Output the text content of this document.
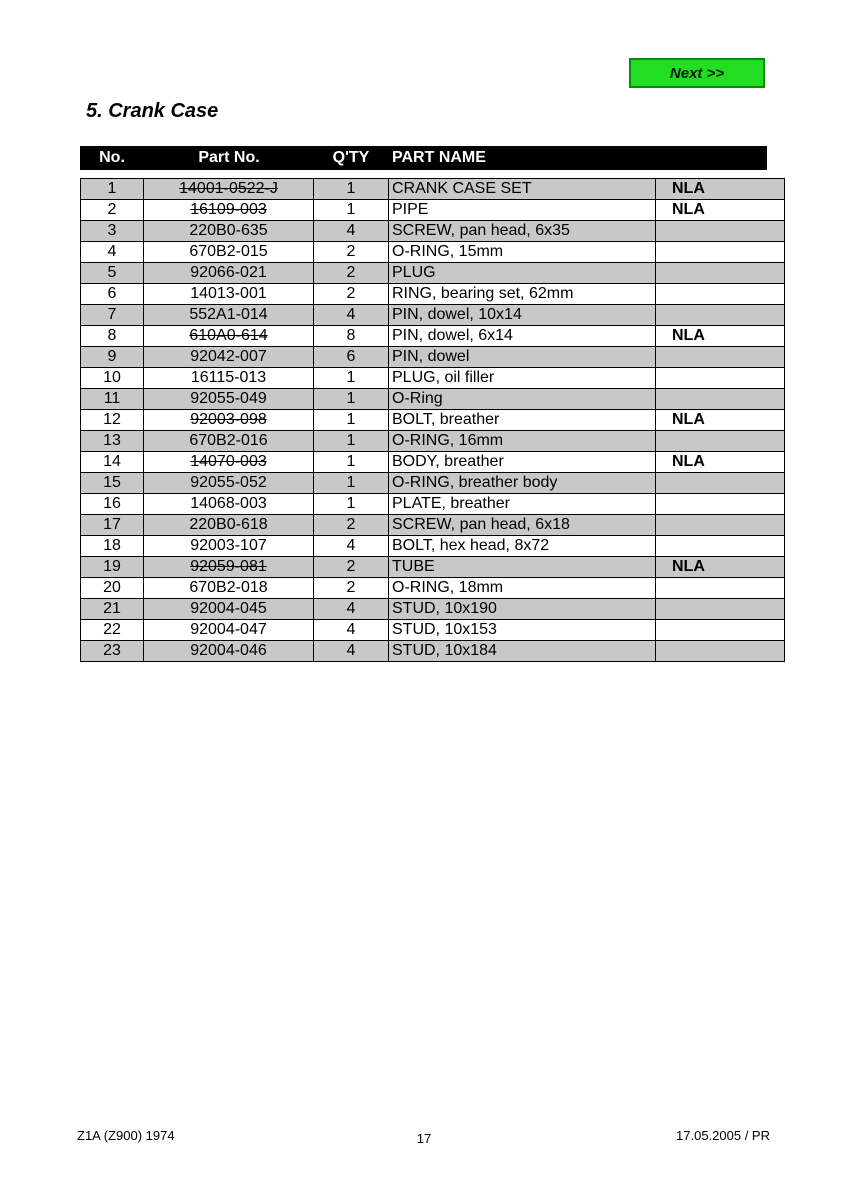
Next >>
5. Crank Case
No.	Part No.	Q'TY	PART NAME
1	14001-0522-J	1	CRANK CASE SET	NLA
2	16109-003	1	PIPE	NLA
3	220B0-635	4	SCREW, pan head, 6x35	
4	670B2-015	2	O-RING, 15mm	
5	92066-021	2	PLUG	
6	14013-001	2	RING, bearing set, 62mm	
7	552A1-014	4	PIN, dowel, 10x14	
8	610A0-614	8	PIN, dowel, 6x14	NLA
9	92042-007	6	PIN, dowel	
10	16115-013	1	PLUG, oil filler	
11	92055-049	1	O-Ring	
12	92003-098	1	BOLT, breather	NLA
13	670B2-016	1	O-RING, 16mm	
14	14070-003	1	BODY, breather	NLA
15	92055-052	1	O-RING, breather body	
16	14068-003	1	PLATE, breather	
17	220B0-618	2	SCREW, pan head, 6x18	
18	92003-107	4	BOLT, hex head, 8x72	
19	92059-081	2	TUBE	NLA
20	670B2-018	2	O-RING, 18mm	
21	92004-045	4	STUD, 10x190	
22	92004-047	4	STUD, 10x153	
23	92004-046	4	STUD, 10x184	
Z1A (Z900) 1974	17	17.05.2005 / PR
